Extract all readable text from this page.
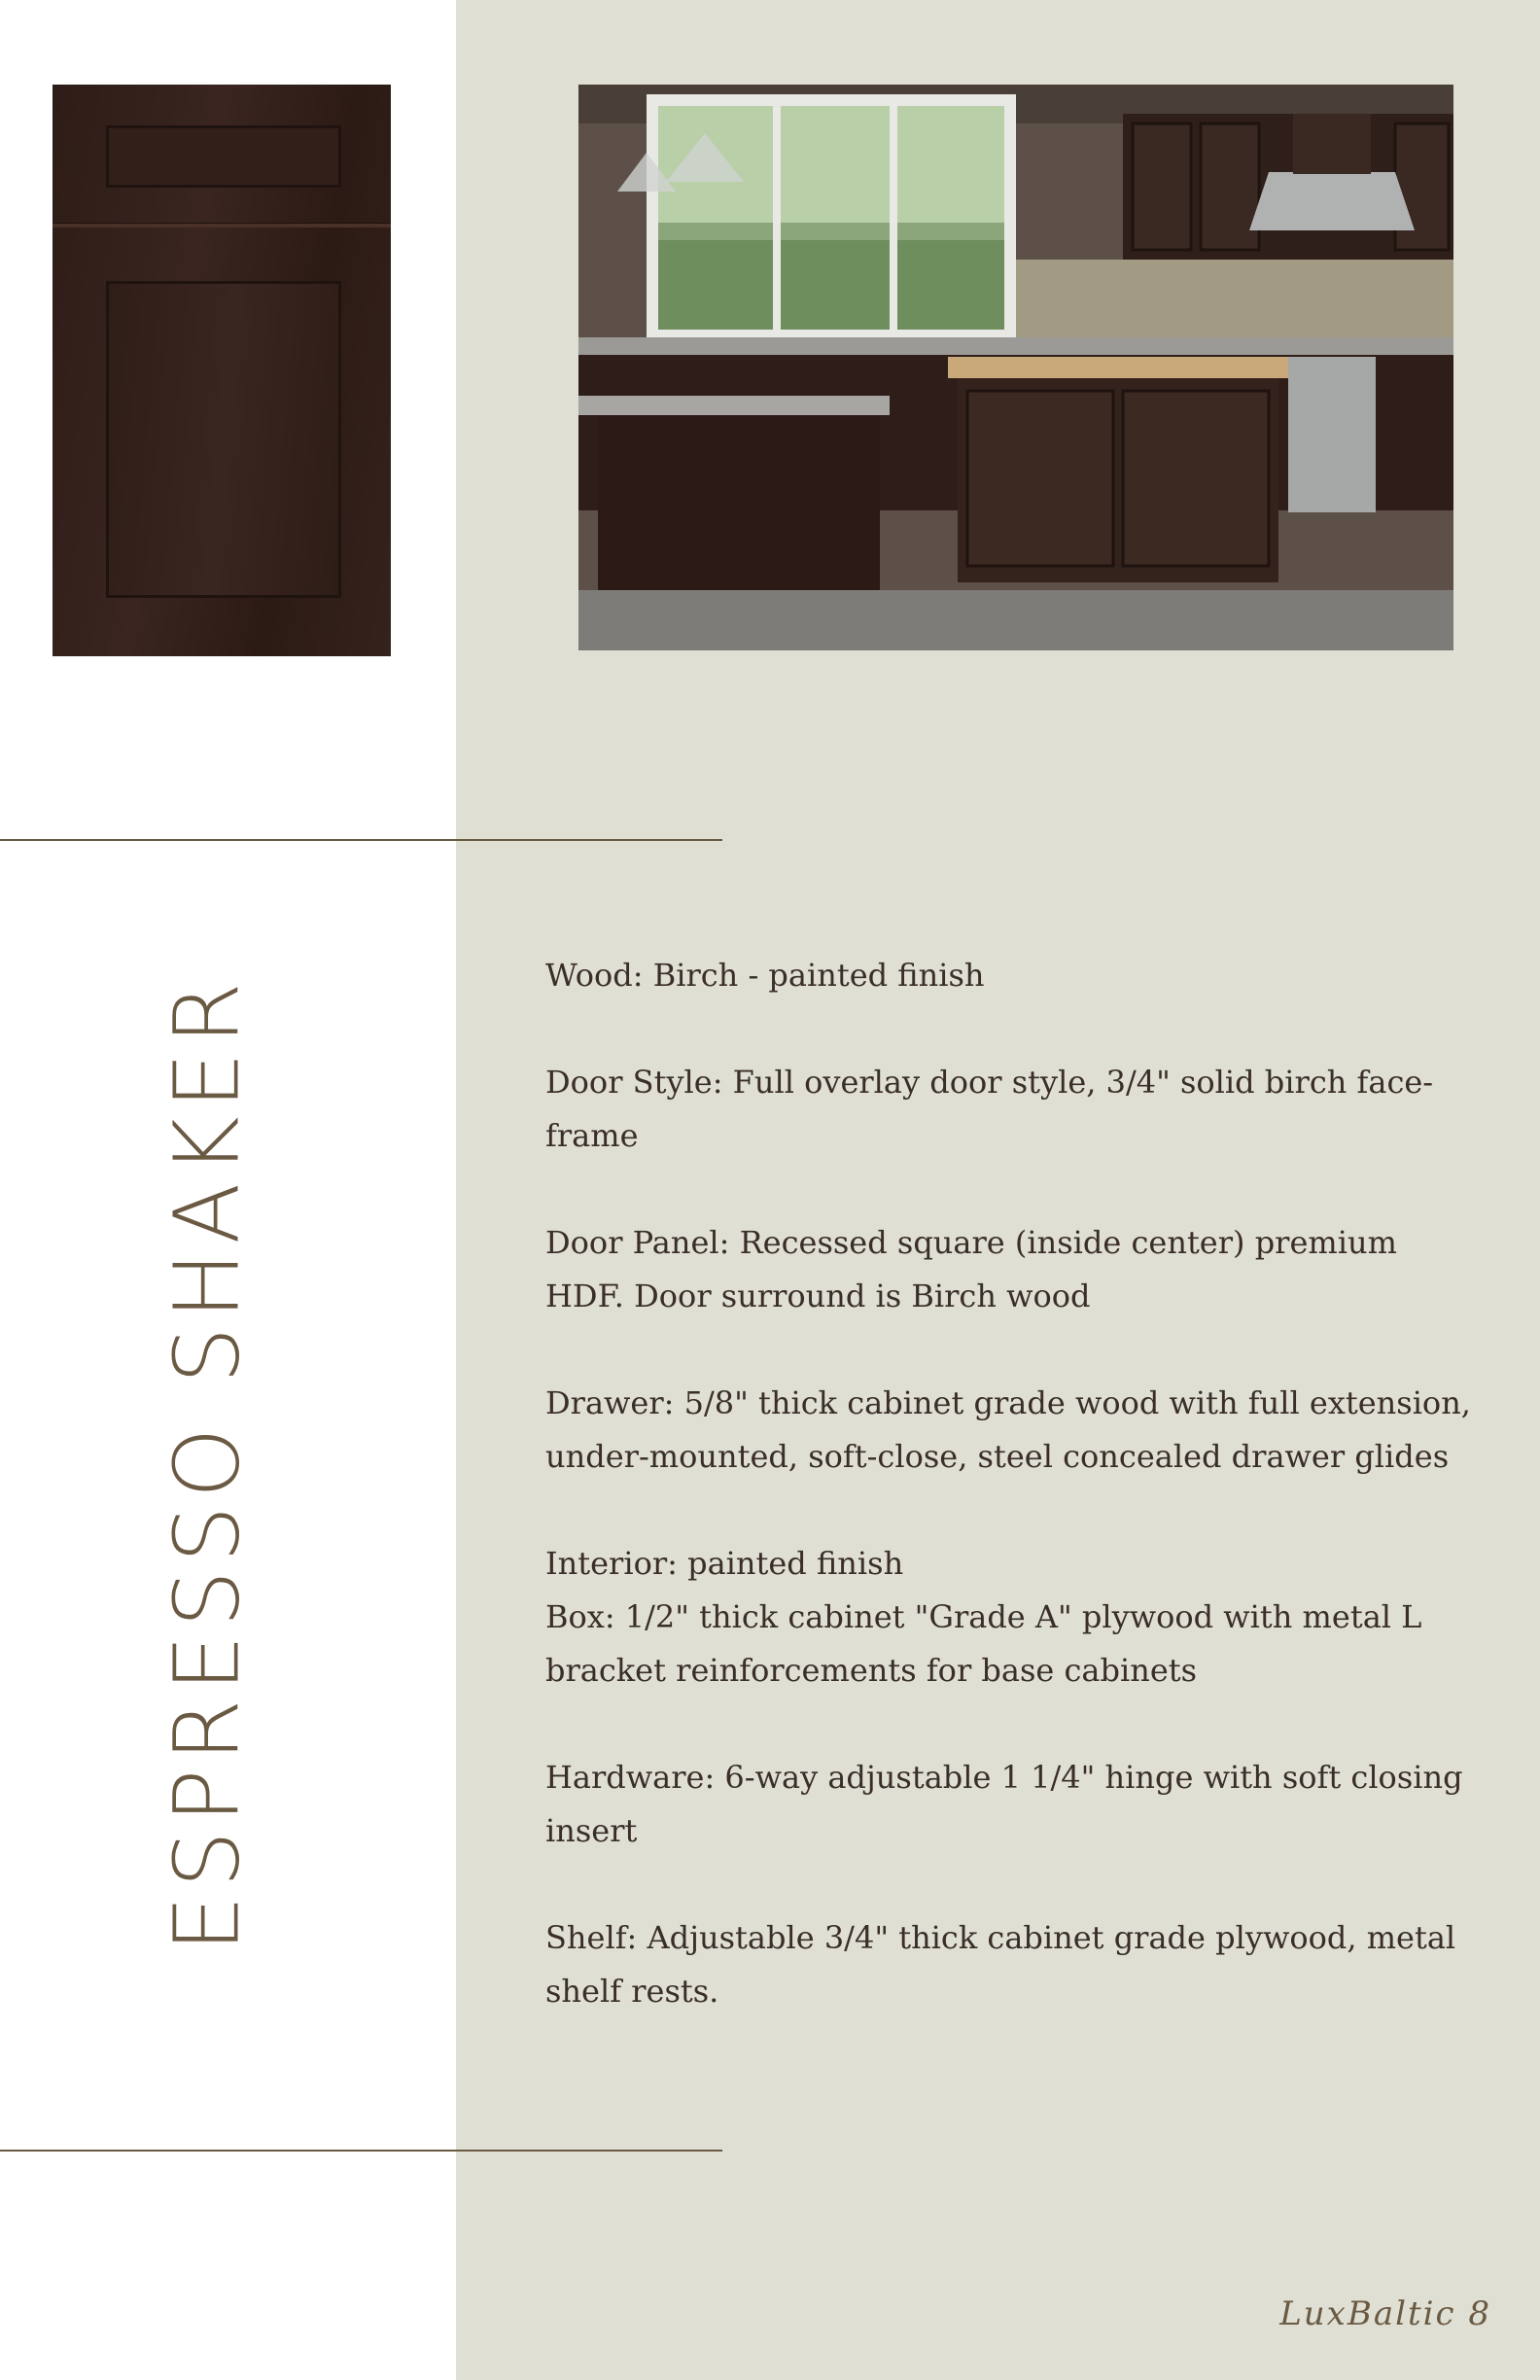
ESPRESSO SHAKER	Wood: Birch - painted finish

Door Style: Full overlay door style, 3/4" solid birch face-frame

Door Panel: Recessed square (inside center) premium HDF. Door surround is Birch wood

Drawer: 5/8" thick cabinet grade wood with full extension, under-mounted, soft-close, steel concealed drawer glides

Interior: painted finish

Box: 1/2" thick cabinet "Grade A" plywood with metal L bracket reinforcements for base cabinets

Hardware: 6-way adjustable 1 1/4" hinge with soft closing insert

Shelf: Adjustable 3/4" thick cabinet grade plywood, metal shelf rests.

LuxBaltic 8
